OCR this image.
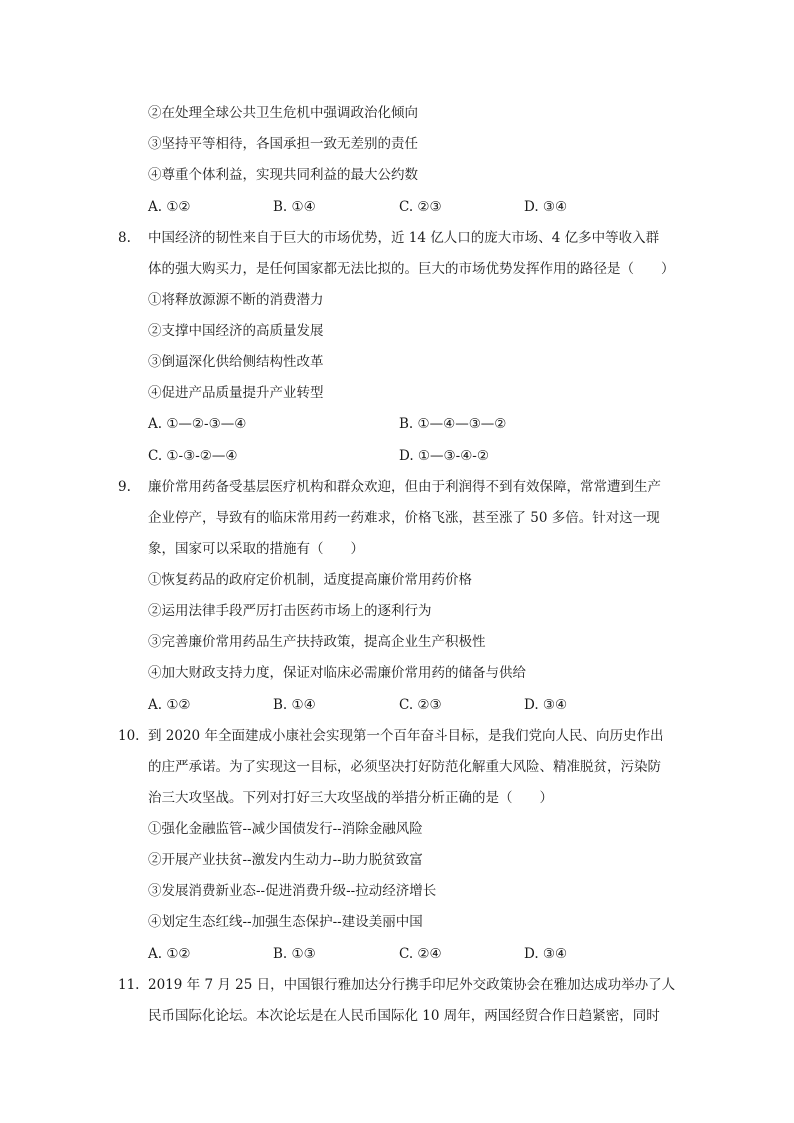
②在处理全球公共卫生危机中强调政治化倾向
③坚持平等相待，各国承担一致无差别的责任
④尊重个体利益，实现共同利益的最大公约数
A. ①②	B. ①④	C. ②③	D. ③④
8. 中国经济的韧性来自于巨大的市场优势，近 14 亿人口的庞大市场、4 亿多中等收入群
体的强大购买力，是任何国家都无法比拟的。巨大的市场优势发挥作用的路径是（　　）
①将释放源源不断的消费潜力
②支撑中国经济的高质量发展
③倒逼深化供给侧结构性改革
④促进产品质量提升产业转型
A. ①—②-③—④	B. ①—④—③—②
C. ①-③-②—④	D. ①—③-④-②
9. 廉价常用药备受基层医疗机构和群众欢迎，但由于利润得不到有效保障，常常遭到生产
企业停产，导致有的临床常用药一药难求，价格飞涨，甚至涨了 50 多倍。针对这一现
象，国家可以采取的措施有（　　）
①恢复药品的政府定价机制，适度提高廉价常用药价格
②运用法律手段严厉打击医药市场上的逐利行为
③完善廉价常用药品生产扶持政策，提高企业生产积极性
④加大财政支持力度，保证对临床必需廉价常用药的储备与供给
A. ①②	B. ①④	C. ②③	D. ③④
10. 到 2020 年全面建成小康社会实现第一个百年奋斗目标，是我们党向人民、向历史作出
的庄严承诺。为了实现这一目标，必须坚决打好防范化解重大风险、精准脱贫，污染防
治三大攻坚战。下列对打好三大攻坚战的举措分析正确的是（　　）
①强化金融监管--减少国债发行--消除金融风险
②开展产业扶贫--激发内生动力--助力脱贫致富
③发展消费新业态--促进消费升级--拉动经济增长
④划定生态红线--加强生态保护--建设美丽中国
A. ①②	B. ①③	C. ②④	D. ③④
11. 2019 年 7 月 25 日，中国银行雅加达分行携手印尼外交政策协会在雅加达成功举办了人
民币国际化论坛。本次论坛是在人民币国际化 10 周年，两国经贸合作日趋紧密，同时
